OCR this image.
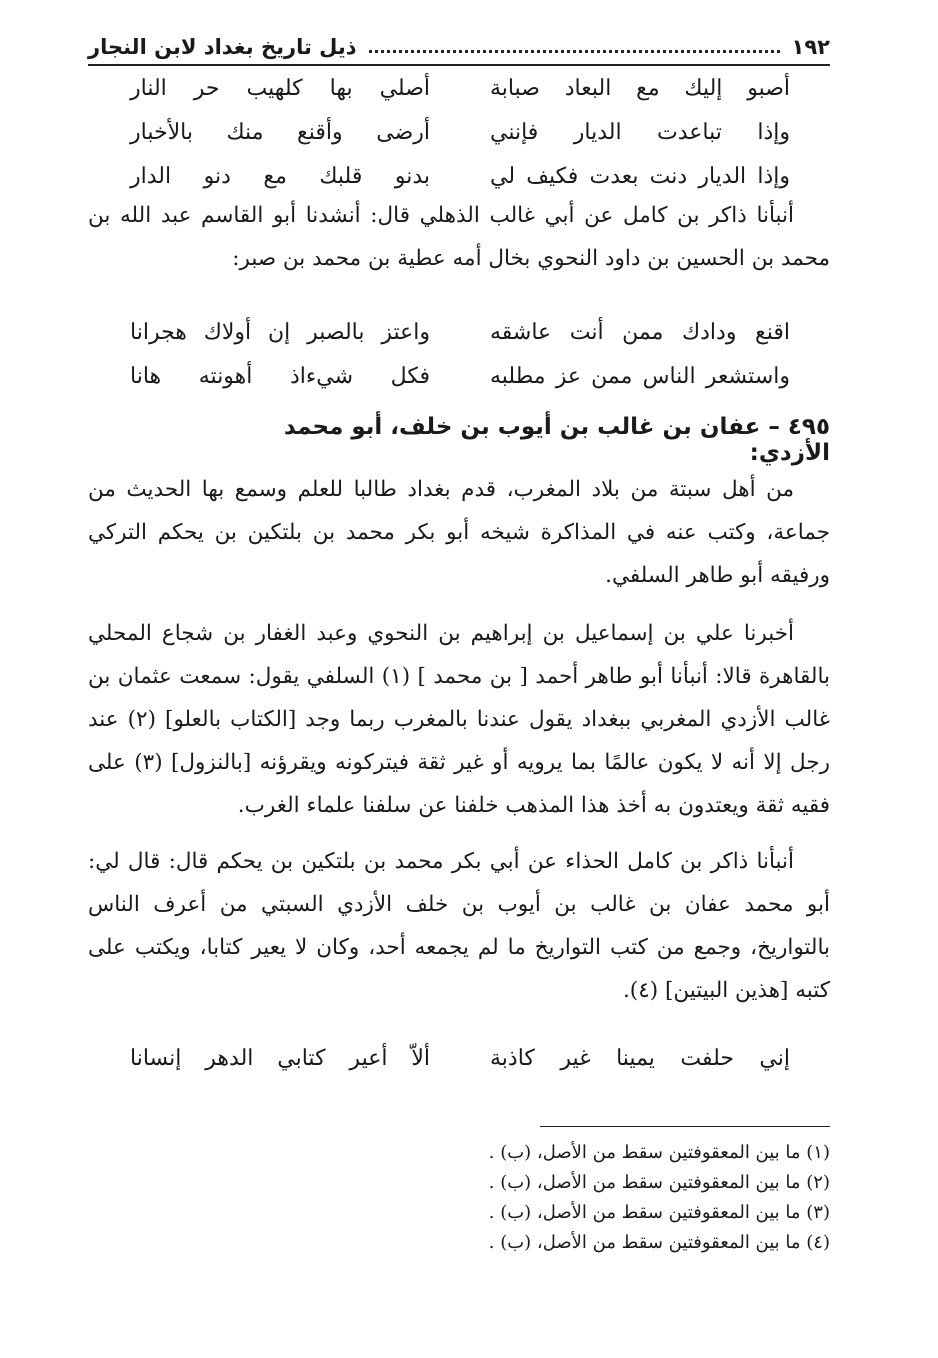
١٩٢
ذيل تاريخ بغداد لابن النجار
أصبو إليك مع البعاد صبابة
أصلي بها كلهيب حر النار
وإذا تباعدت الديار فإنني
أرضى وأقنع منك بالأخبار
وإذا الديار دنت بعدت فكيف لي
بدنو قلبك مع دنو الدار

أنبأنا ذاكر بن كامل عن أبي غالب الذهلي قال: أنشدنا أبو القاسم عبد الله بن محمد بن الحسين بن داود النحوي بخال أمه عطية بن محمد بن صبر:

اقنع ودادك ممن أنت عاشقه
واعتز بالصبر إن أولاك هجرانا
واستشعر الناس ممن عز مطلبه
فكل شيءاذ أهونته هانا
٤٩٥ – عفان بن غالب بن أيوب بن خلف، أبو محمد الأزدي:

من أهل سبتة من بلاد المغرب، قدم بغداد طالبا للعلم وسمع بها الحديث من جماعة، وكتب عنه في المذاكرة شيخه أبو بكر محمد بن بلتكين بن يحكم التركي ورفيقه أبو طاهر السلفي.

أخبرنا علي بن إسماعيل بن إبراهيم بن النحوي وعبد الغفار بن شجاع المحلي بالقاهرة قالا: أنبأنا أبو طاهر أحمد [ بن محمد ] (١) السلفي يقول: سمعت عثمان بن غالب الأزدي المغربي ببغداد يقول عندنا بالمغرب ربما وجد [الكتاب بالعلو] (٢) عند رجل إلا أنه لا يكون عالمًا بما يرويه أو غير ثقة فيتركونه ويقرؤنه [بالنزول] (٣) على فقيه ثقة ويعتدون به أخذ هذا المذهب خلفنا عن سلفنا علماء الغرب.

أنبأنا ذاكر بن كامل الحذاء عن أبي بكر محمد بن بلتكين بن يحكم قال: قال لي: أبو محمد عفان بن غالب بن أيوب بن خلف الأزدي السبتي من أعرف الناس بالتواريخ، وجمع من كتب التواريخ ما لم يجمعه أحد، وكان لا يعير كتابا، ويكتب على كتبه [هذين البيتين] (٤).

إني حلفت يمينا غير كاذبة
ألاّ أعير كتابي الدهر إنسانا
(١) ما بين المعقوفتين سقط من الأصل، (ب) .
(٢) ما بين المعقوفتين سقط من الأصل، (ب) .
(٣) ما بين المعقوفتين سقط من الأصل، (ب) .
(٤) ما بين المعقوفتين سقط من الأصل، (ب) .
